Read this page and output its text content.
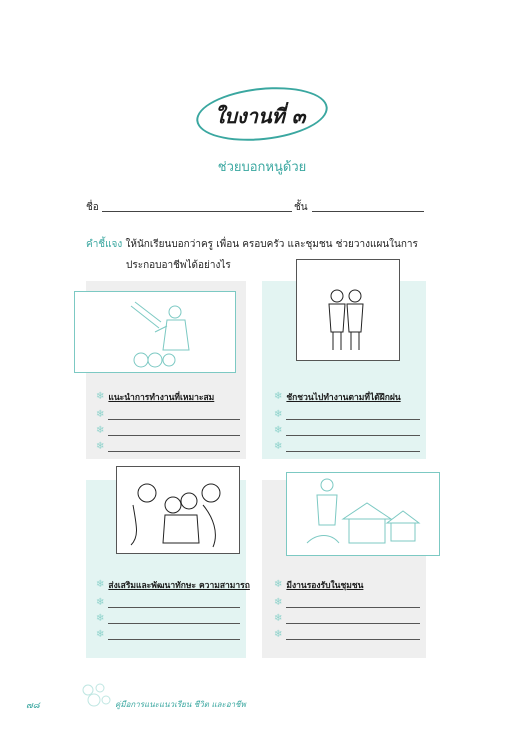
ใบงานที่ ๓
ช่วยบอกหนูด้วย
ชื่อ	ชั้น
คำชี้แจง ให้นักเรียนบอกว่าครู เพื่อน ครอบครัว และชุมชน ช่วยวางแผนในการ
ประกอบอาชีพได้อย่างไร
❄ แนะนำการทำงานที่เหมาะสม
❄
❄
❄
❄ ชักชวนไปทำงานตามที่ได้ฝึกฝน
❄
❄
❄
❄ ส่งเสริมและพัฒนาทักษะ ความสามารถ
❄
❄
❄
❄ มีงานรองรับในชุมชน
❄
❄
❄
๗๘	คู่มือการแนะแนวเรียน ชีวิต และอาชีพ
